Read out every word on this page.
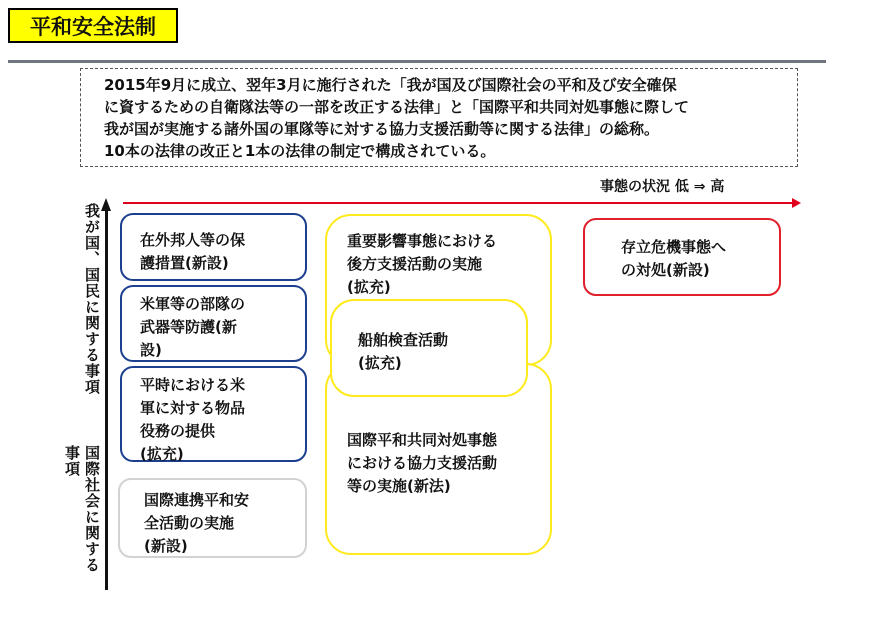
平和安全法制

2015年9月に成立、翌年3月に施行された「我が国及び国際社会の平和及び安全確保

に資するための自衛隊法等の一部を改正する法律」と「国際平和共同対処事態に際して

我が国が実施する諸外国の軍隊等に対する協力支援活動等に関する法律」の総称。

10本の法律の改正と1本の法律の制定で構成されている。

事態の状況 低 ⇒ 高
我が国、国民に関する事項
国際社会に関する
事項
在外邦人等の保
護措置(新設)
米軍等の部隊の
武器等防護(新
設)
平時における米
軍に対する物品
役務の提供
(拡充)
国際連携平和安
全活動の実施
(新設)
重要影響事態における
後方支援活動の実施
(拡充)
国際平和共同対処事態
における協力支援活動
等の実施(新法)
船舶検査活動
(拡充)
存立危機事態へ
の対処(新設)
